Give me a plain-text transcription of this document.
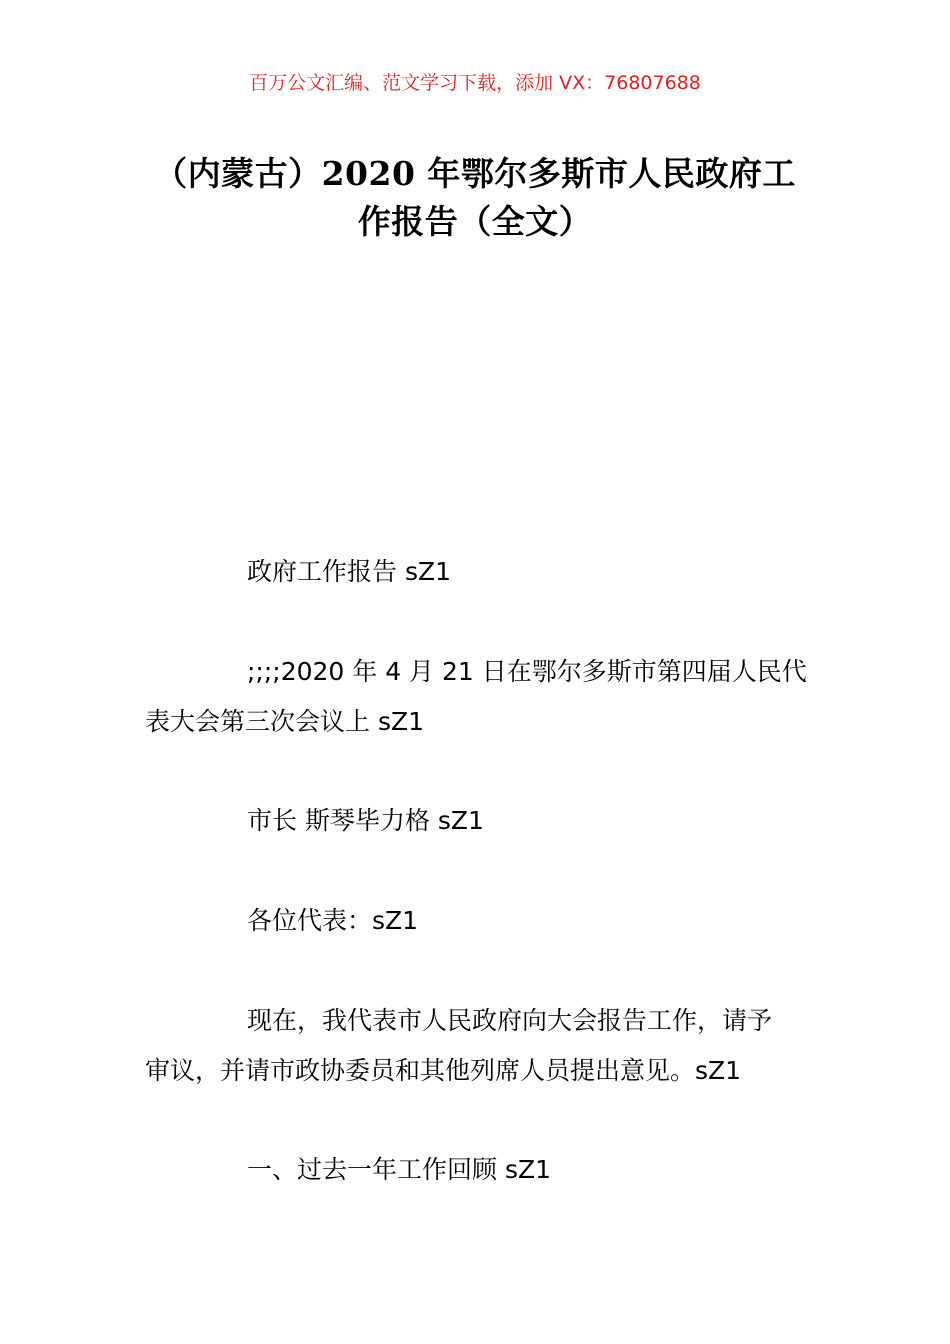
百万公文汇编、范文学习下载，添加 VX：76807688
（内蒙古）2020 年鄂尔多斯市人民政府工
作报告（全文）
政府工作报告 sZ1
;;;;2020 年 4 月 21 日在鄂尔多斯市第四届人民代
表大会第三次会议上 sZ1
市长 斯琴毕力格 sZ1
各位代表：sZ1
现在，我代表市人民政府向大会报告工作，请予
审议，并请市政协委员和其他列席人员提出意见。sZ1
一、过去一年工作回顾 sZ1
